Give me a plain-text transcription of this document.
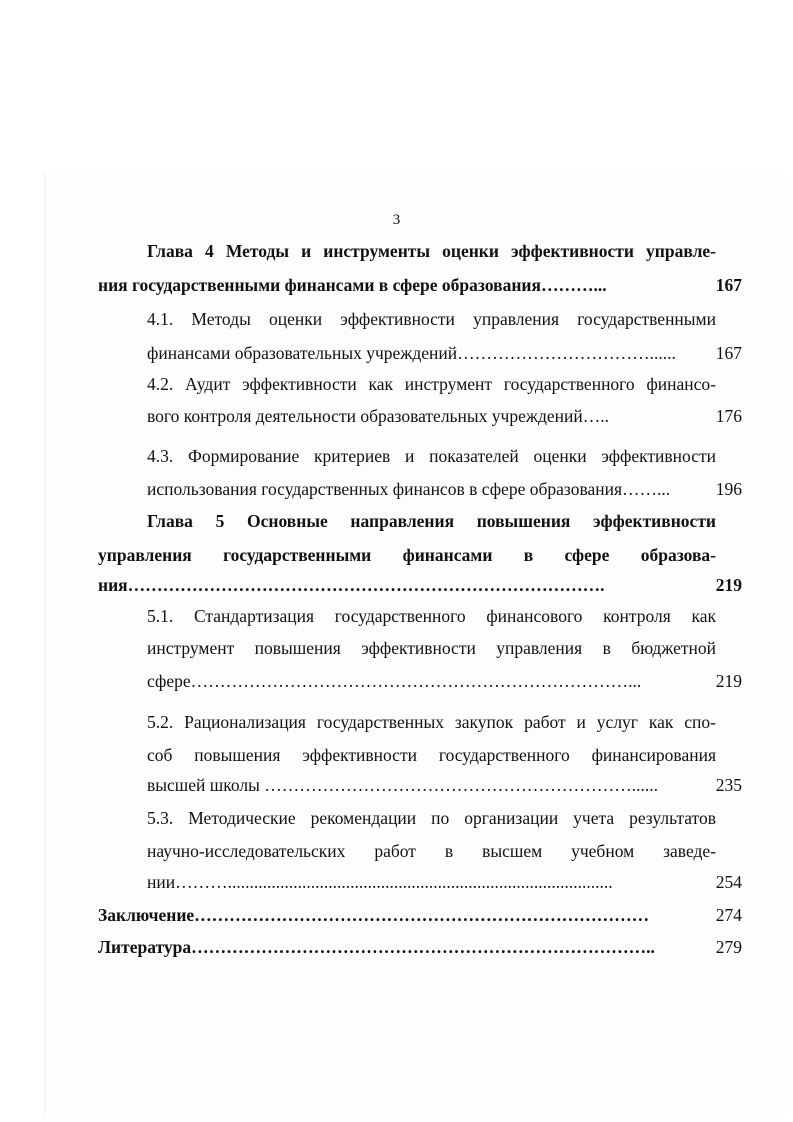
3
Глава 4 Методы и инструменты оценки эффективности управле-
ния государственными финансами в сфере образования………...	167
4.1. Методы оценки эффективности управления государственными
финансами образовательных учреждений……………………………......	167
4.2. Аудит эффективности как инструмент государственного финансо-
вого контроля деятельности образовательных учреждений…..	176
4.3. Формирование критериев и показателей оценки эффективности
использования государственных финансов в сфере образования……...	196
Глава 5 Основные направления повышения эффективности
управления государственными финансами в сфере образова-
ния……………………………………………………………………….	219
5.1. Стандартизация государственного финансового контроля как
инструмент повышения эффективности управления в бюджетной
сфере…………………………………………………………………...	219
5.2. Рационализация государственных закупок работ и услуг как спо-
соб повышения эффективности государственного финансирования
высшей школы ………………………………………………………......	235
5.3. Методические рекомендации по организации учета результатов
научно-исследовательских работ в высшем учебном заведе-
нии………........................................................................................	254
Заключение……………………………………………………………………	274
Литература……………………………………………………………………..	279
